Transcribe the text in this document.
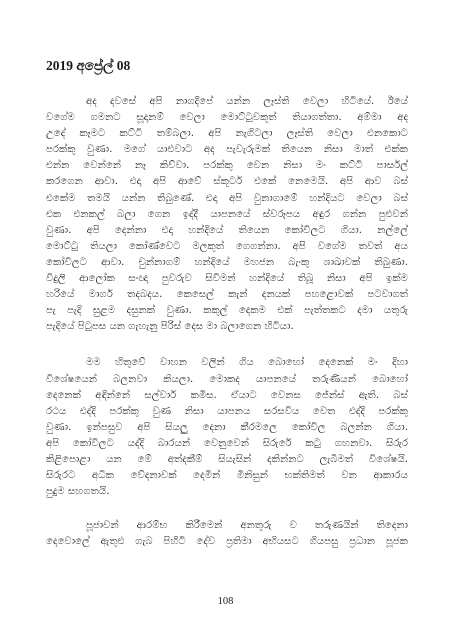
2019 අප්‍රේල් 08
අද දවසේ අපි නාගදීපේ යන්න ලෑස්ති වෙලා හිටියේ. ඊයේ
වගේම ගමනට සූදානම් වෙලා මොට්ටුවකුත් තියාගත්තා. අම්මා අද
උදේ කෑමට කට්ටි තම්බලා. අපි නැගිටලා ලෑස්ති වෙලා එනකොට
පරක්කු වුණා. මගේ යාළුවාට අද පැවැරුමක් තියෙන නිසා මාත් එක්ක
එන්න වෙන්නේ නෑ කිව්වා. පරක්කු වෙන නිසා මං කට්ටි පාර්සල්
කරගෙන ආවා. එදා අපි ආවේ ස්කූටර් එකේ නෙමෙයි. අපි ආව බස්
එකේම තමයි යන්න තිබුණේ. එදා අපි වුනාගාමේ හන්දියට වෙලා බස්
එක එනකල් බලා ගෙන ඉද්දී යාපනයේ ස්වරූපය අඳුර ගන්න පුළුවන්
වුණා. අපි දෙන්නා එදා හන්දියේ තියෙන කෝවිලට ගියා. නල්ලේ
මොට්ටු තියලා කෝණ්වෙට මලකුත් ගෙගන්නා. අපි වගේම තවත් අය
කෝවිලට ආවා. චුන්නාගම් හන්දියේ මහජන බැංකු ශාඛාවක් තිබුණා.
විදුලි ආලෝක සංඥා පුවරුව සිවිමන් හන්දියේ තිබූ නිසා අපි ඉක්ම
හරියේ මාර්ග තදබදය. කෙසෙල් කැන් දනයක් පහළොවක් පටවාගත්
පැ පැදි සුළම දසුනක් වුණා. කකුල් දෙකම එක් පැත්තකට දමා යතුරු
පැදියේ පිටුපස යන ගැහැනු පිරිස් දෙස මා බලාගෙන හිටියා.
මම හිතුවේ වාහන වලින් ගිය බොහෝ දෙනෙක් මං දිහා
විශේෂයෙන් බලනවා කියලා. මොකද යාපනයේ තරුණියන් බොහෝ
දෙනෙක් අඳින්නේ සල්වාර් කමිස. ඒයාට වෙනස ජේන්ස් ඇති. බස්
රථය එද්දි පරක්කු වුණ නිසා යාපනය සරසවිය වෙත එද්දි පරක්කු
වුණා. ඉන්පසුව අපි සියලු දෙනා කීරමලෙ කෝවිල බලන්න ගියා.
අපි කෝවිලට යද්දි බාරයන් වෙනුවෙන් සිරුරේ කටු ගහනවා. සිරුර
කිළිපොළා යන මේ අත්දකීම් සියැසින් දකින්නට ලැබීමත් විශේෂයි.
සිරුරට අධික වේදනාවක් දෙමින් මිනිසුන් භක්තිමත් වන ආකාරය
පුදුම සහගතයි.
පූජාවන් ආරම්භ කිරීමෙන් අනතුරු ව තරුණයින් තිදෙනා
දෙවොලේ ඇතුළු ගැබ පිහිටි දේව ප්‍රතිමා අභියසට ගියපසු ප්‍රධාන පූජක
108
